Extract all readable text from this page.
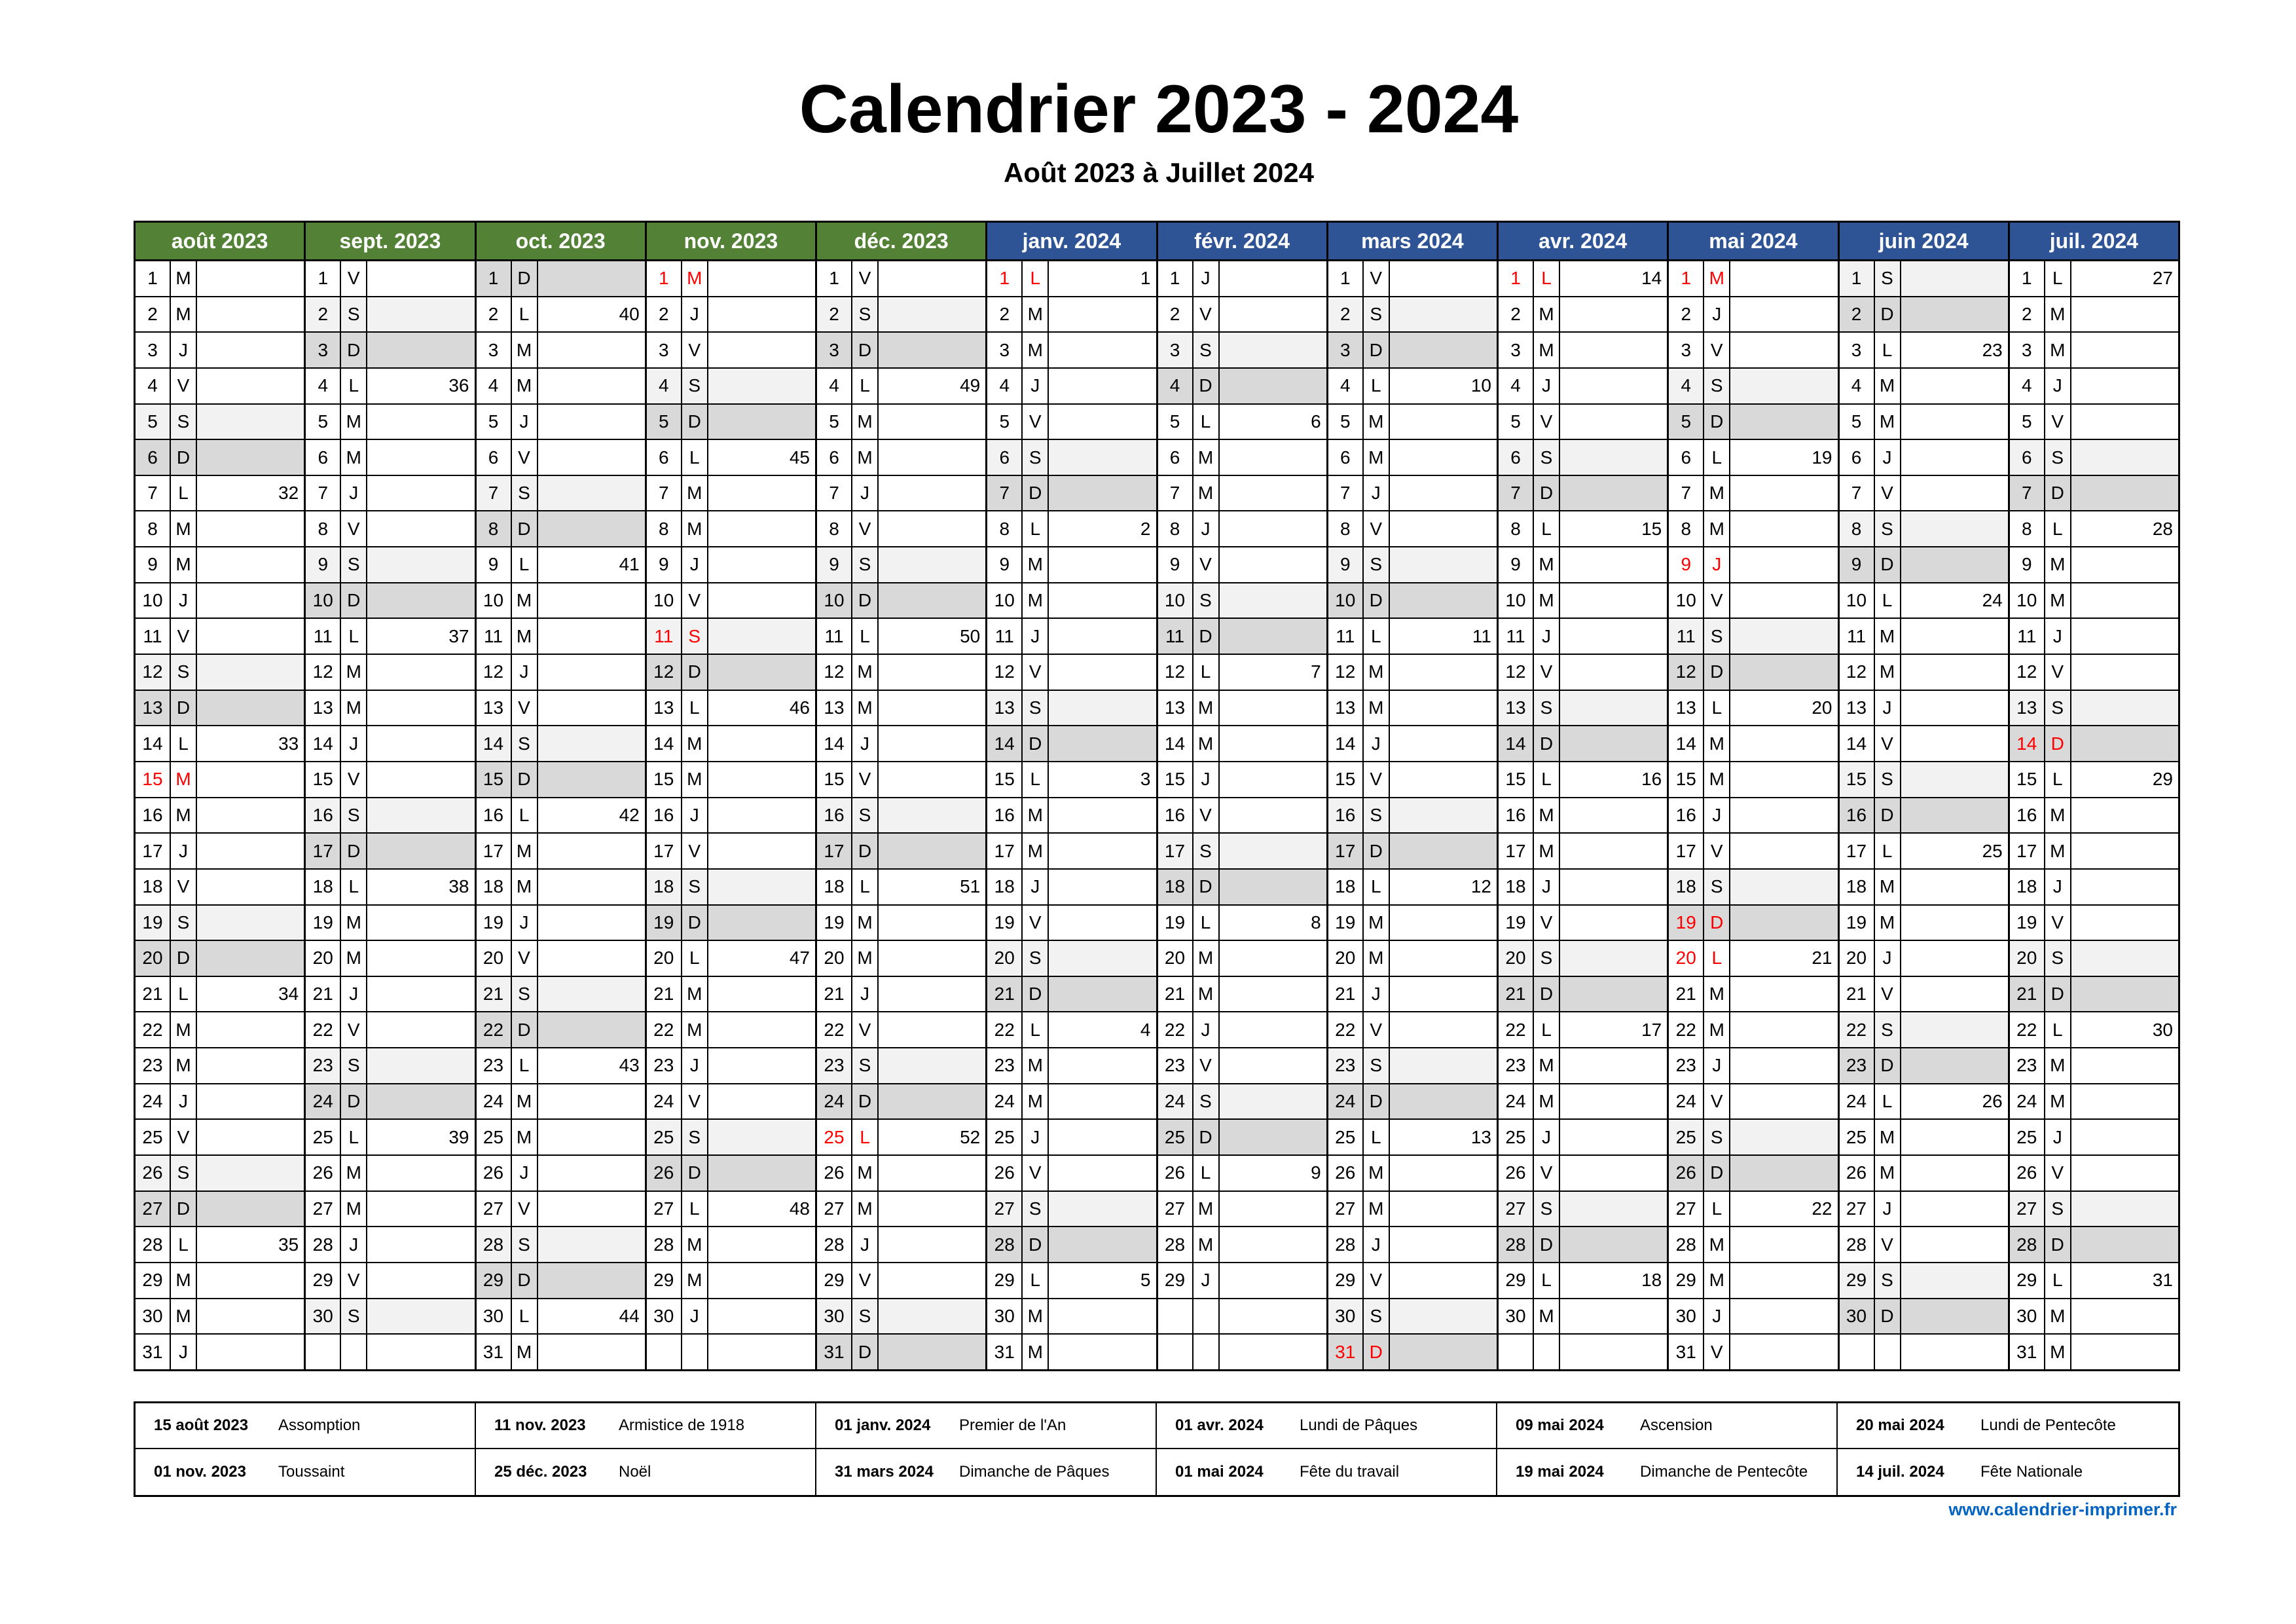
Calendrier 2023 - 2024
Août 2023 à Juillet 2024
août 2023
1 M
2 M
3	J
4	V
5	S
6	D
7	L	32
8 M
9 M
10 J
11 V
12 S
13 D
14 L	33
15 M
16 M
17 J
18 V
19 S
20 D
21 L	34
22 M
23 M
24 J
25 V
26 S
27 D
28 L	35
29 M
30 M
31 J
sept. 2023
1	V
2	S
3	D
4	L	36
5 M
6 M
7	J
8	V
9	S
10 D
11 L	37
12 M
13 M
14 J
15 V
16 S
17 D
18 L	38
19 M
20 M
21 J
22 V
23 S
24 D
25 L	39
26 M
27 M
28 J
29 V
30 S
oct. 2023
1	D
2	L	40
3 M
4 M
5	J
6	V
7	S
8	D
9	L	41
10 M
11 M
12 J
13 V
14 S
15 D
16 L	42
17 M
18 M
19 J
20 V
21 S
22 D
23 L	43
24 M
25 M
26 J
27 V
28 S
29 D
30 L	44
31 M
nov. 2023
1 M
2	J
3	V
4	S
5	D
6	L	45
7 M
8 M
9	J
10 V
11 S
12 D
13 L	46
14 M
15 M
16 J
17 V
18 S
19 D
20 L	47
21 M
22 M
23 J
24 V
25 S
26 D
27 L	48
28 M
29 M
30 J
déc. 2023
1	V
2	S
3	D
4	L	49
5 M
6 M
7	J
8	V
9	S
10 D
11 L	50
12 M
13 M
14 J
15 V
16 S
17 D
18 L	51
19 M
20 M
21 J
22 V
23 S
24 D
25 L	52
26 M
27 M
28 J
29 V
30 S
31 D
janv. 2024
1	L	1
2 M
3 M
4	J
5	V
6	S
7	D
8	L	2
9 M
10 M
11 J
12 V
13 S
14 D
15 L	3
16 M
17 M
18 J
19 V
20 S
21 D
22 L	4
23 M
24 M
25 J
26 V
27 S
28 D
29 L	5
30 M
31 M
févr. 2024
1	J
2	V
3	S
4	D
5	L	6
6 M
7 M
8	J
9	V
10 S
11 D
12 L	7
13 M
14 M
15 J
16 V
17 S
18 D
19 L	8
20 M
21 M
22 J
23 V
24 S
25 D
26 L	9
27 M
28 M
29 J
mars 2024
1	V
2	S
3	D
4	L	10
5 M
6 M
7	J
8	V
9	S
10 D
11 L	11
12 M
13 M
14 J
15 V
16 S
17 D
18 L	12
19 M
20 M
21 J
22 V
23 S
24 D
25 L	13
26 M
27 M
28 J
29 V
30 S
31 D
avr. 2024
1	L	14
2 M
3 M
4	J
5	V
6	S
7	D
8	L	15
9 M
10 M
11 J
12 V
13 S
14 D
15 L	16
16 M
17 M
18 J
19 V
20 S
21 D
22 L	17
23 M
24 M
25 J
26 V
27 S
28 D
29 L	18
30 M
mai 2024
1 M
2	J
3	V
4	S
5	D
6	L	19
7 M
8 M
9	J
10 V
11 S
12 D
13 L	20
14 M
15 M
16 J
17 V
18 S
19 D
20 L	21
21 M
22 M
23 J
24 V
25 S
26 D
27 L	22
28 M
29 M
30 J
31 V
juin 2024
1	S
2	D
3	L	23
4 M
5 M
6	J
7	V
8	S
9	D
10 L	24
11 M
12 M
13 J
14 V
15 S
16 D
17 L	25
18 M
19 M
20 J
21 V
22 S
23 D
24 L	26
25 M
26 M
27 J
28 V
29 S
30 D
juil. 2024
1	L	27
2 M
3 M
4	J
5	V
6	S
7	D
8	L	28
9 M
10 M
11 J
12 V
13 S
14 D
15 L	29
16 M
17 M
18 J
19 V
20 S
21 D
22 L	30
23 M
24 M
25 J
26 V
27 S
28 D
29 L	31
30 M
31 M
15 août 2023	Assomption	11 nov. 2023	Armistice de 1918	01 janv. 2024	Premier de l'An	01 avr. 2024	Lundi de Pâques	09 mai 2024	Ascension	20 mai 2024	Lundi de Pentecôte
01 nov. 2023	Toussaint	25 déc. 2023	Noël	31 mars 2024	Dimanche de Pâques	01 mai 2024	Fête du travail	19 mai 2024	Dimanche de Pentecôte	14 juil. 2024	Fête Nationale
www.calendrier-imprimer.fr
